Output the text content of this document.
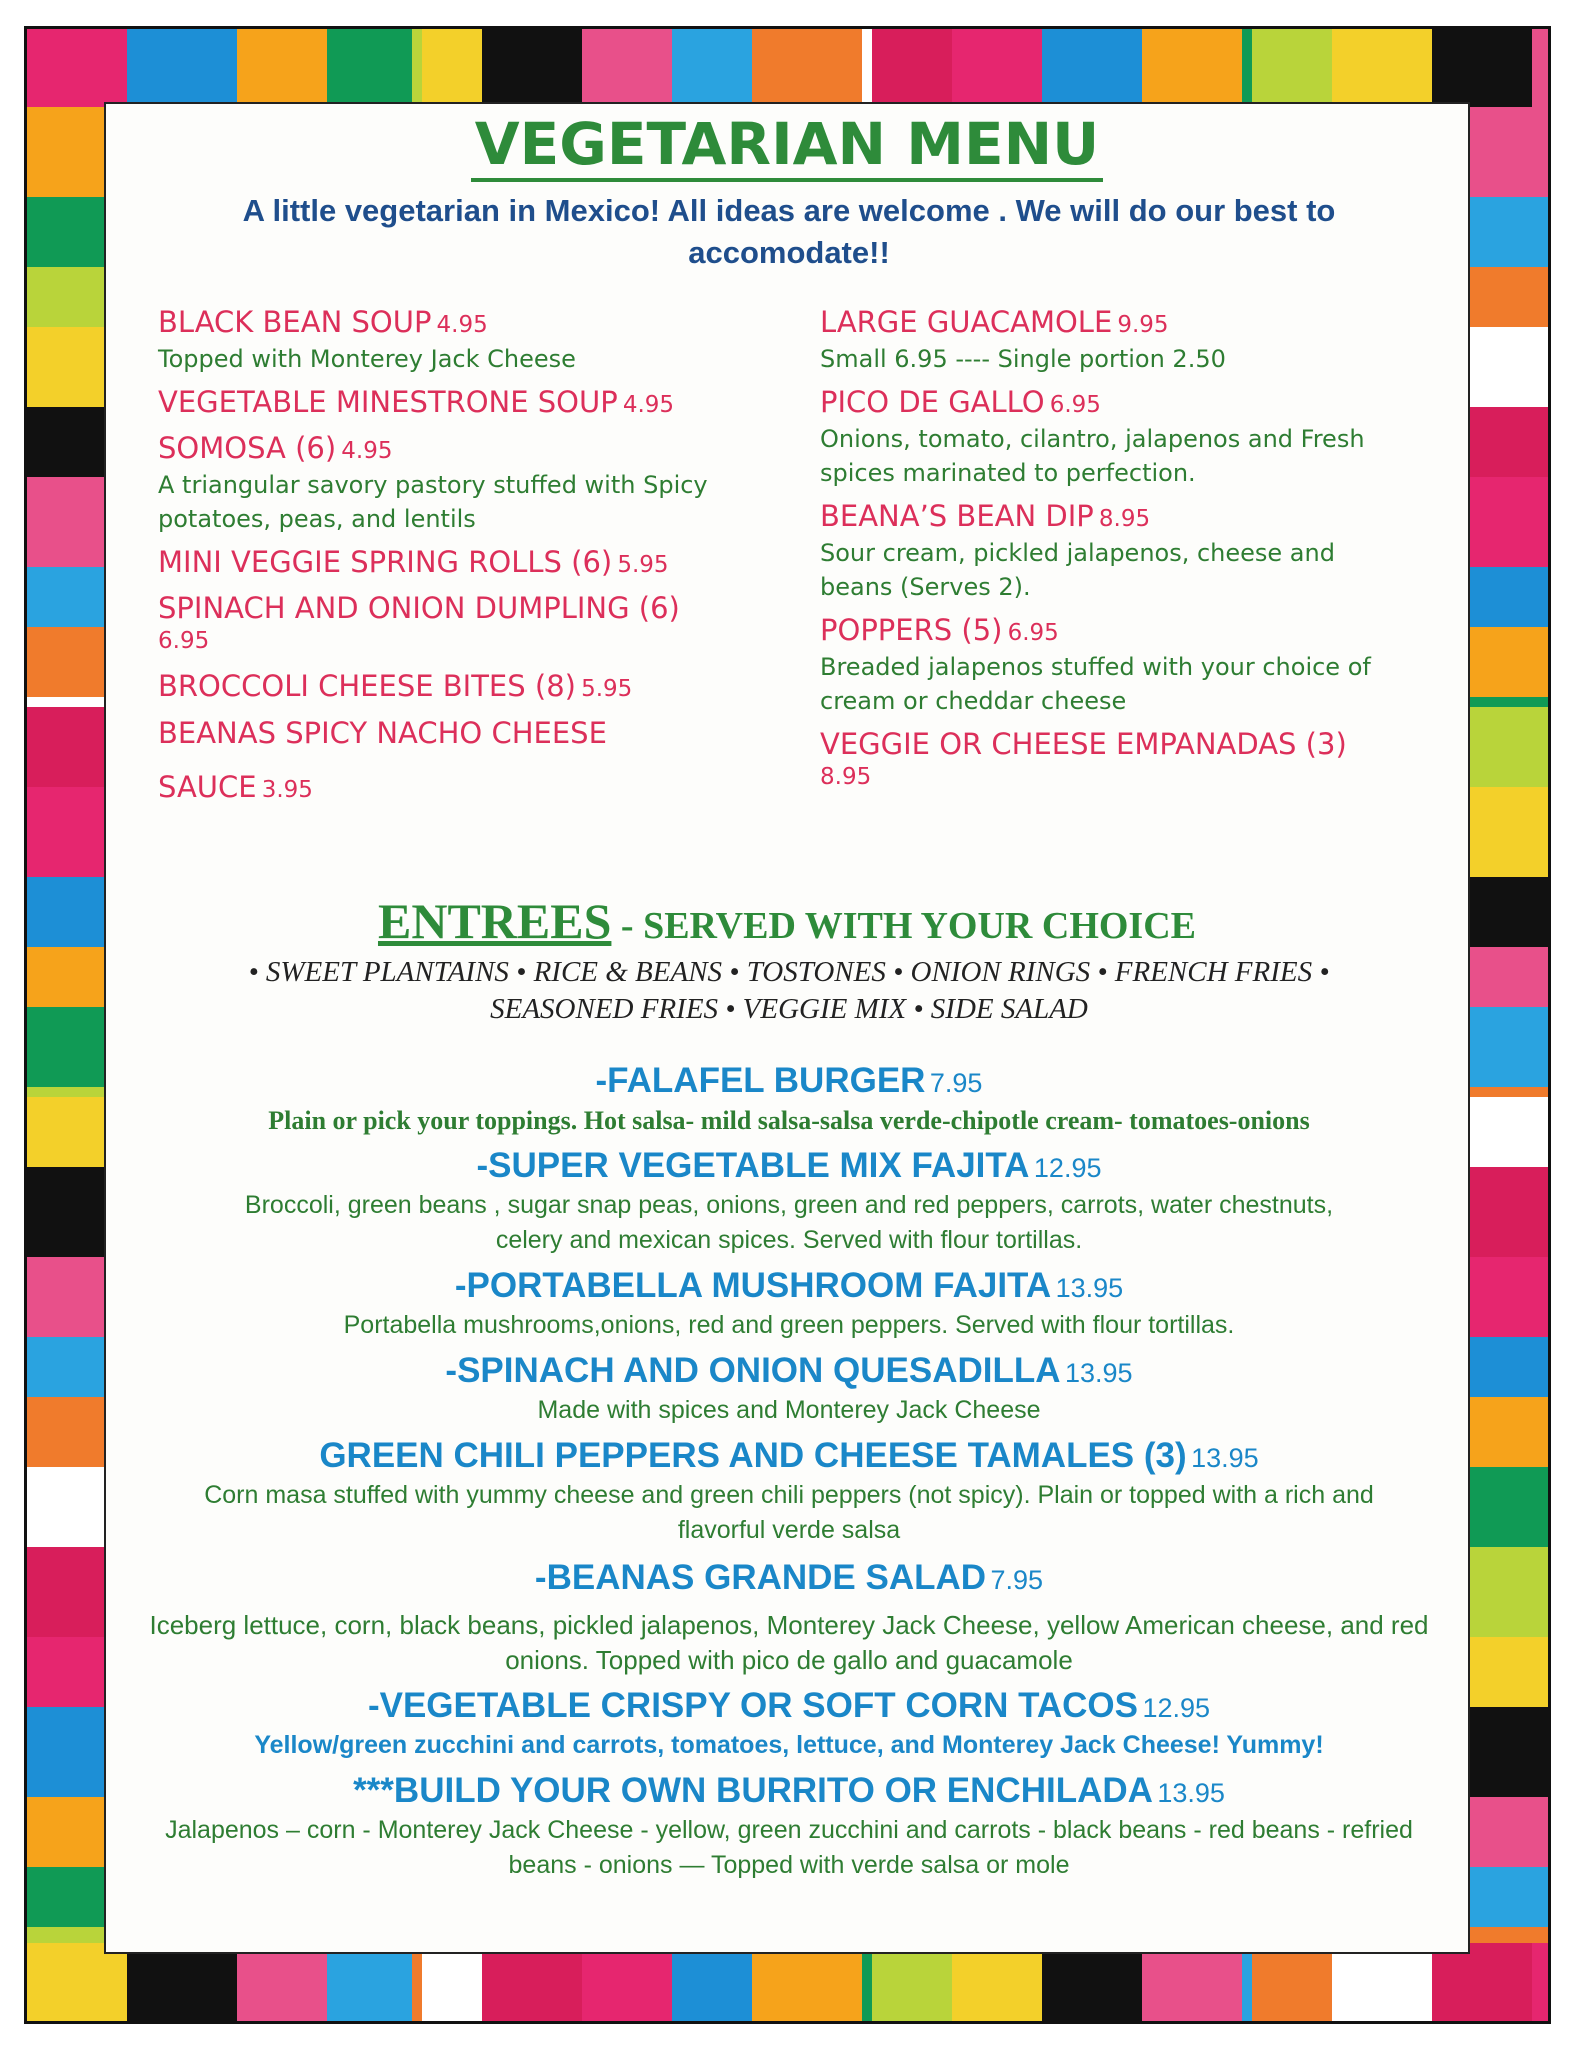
VEGETARIAN MENU
A little vegetarian in Mexico! All ideas are welcome . We will do our best to accomodate!!
BLACK BEAN SOUP 4.95
Topped with Monterey Jack Cheese
VEGETABLE MINESTRONE SOUP 4.95
SOMOSA (6) 4.95
A triangular savory pastory stuffed with Spicy potatoes, peas, and lentils
MINI VEGGIE SPRING ROLLS (6) 5.95
SPINACH AND ONION DUMPLING (6)
6.95
BROCCOLI CHEESE BITES (8) 5.95
BEANAS SPICY NACHO CHEESE SAUCE 3.95
LARGE GUACAMOLE 9.95
Small 6.95 ---- Single portion 2.50
PICO DE GALLO 6.95
Onions, tomato, cilantro, jalapenos and Fresh spices marinated to perfection.
BEANA’S BEAN DIP 8.95
Sour cream, pickled jalapenos, cheese and beans (Serves 2).
POPPERS (5) 6.95
Breaded jalapenos stuffed with your choice of cream or cheddar cheese
VEGGIE OR CHEESE EMPANADAS (3)
8.95
ENTREES - SERVED WITH YOUR CHOICE
• SWEET PLANTAINS • RICE & BEANS • TOSTONES • ONION RINGS • FRENCH FRIES • SEASONED FRIES • VEGGIE MIX • SIDE SALAD
-FALAFEL BURGER 7.95
Plain or pick your toppings. Hot salsa- mild salsa-salsa verde-chipotle cream- tomatoes-onions
-SUPER VEGETABLE MIX FAJITA 12.95
Broccoli, green beans , sugar snap peas, onions, green and red peppers, carrots, water chestnuts, celery and mexican spices. Served with flour tortillas.
-PORTABELLA MUSHROOM FAJITA 13.95
Portabella mushrooms,onions, red and green peppers. Served with flour tortillas.
-SPINACH AND ONION QUESADILLA 13.95
Made with spices and Monterey Jack Cheese
GREEN CHILI PEPPERS AND CHEESE TAMALES (3) 13.95
Corn masa stuffed with yummy cheese and green chili peppers (not spicy). Plain or topped with a rich and flavorful verde salsa
-BEANAS GRANDE SALAD 7.95
Iceberg lettuce, corn, black beans, pickled jalapenos, Monterey Jack Cheese, yellow American cheese, and red onions. Topped with pico de gallo and guacamole
-VEGETABLE CRISPY OR SOFT CORN TACOS 12.95
Yellow/green zucchini and carrots, tomatoes, lettuce, and Monterey Jack Cheese! Yummy!
***BUILD YOUR OWN BURRITO OR ENCHILADA 13.95
Jalapenos – corn - Monterey Jack Cheese - yellow, green zucchini and carrots - black beans - red beans - refried beans - onions — Topped with verde salsa or mole
